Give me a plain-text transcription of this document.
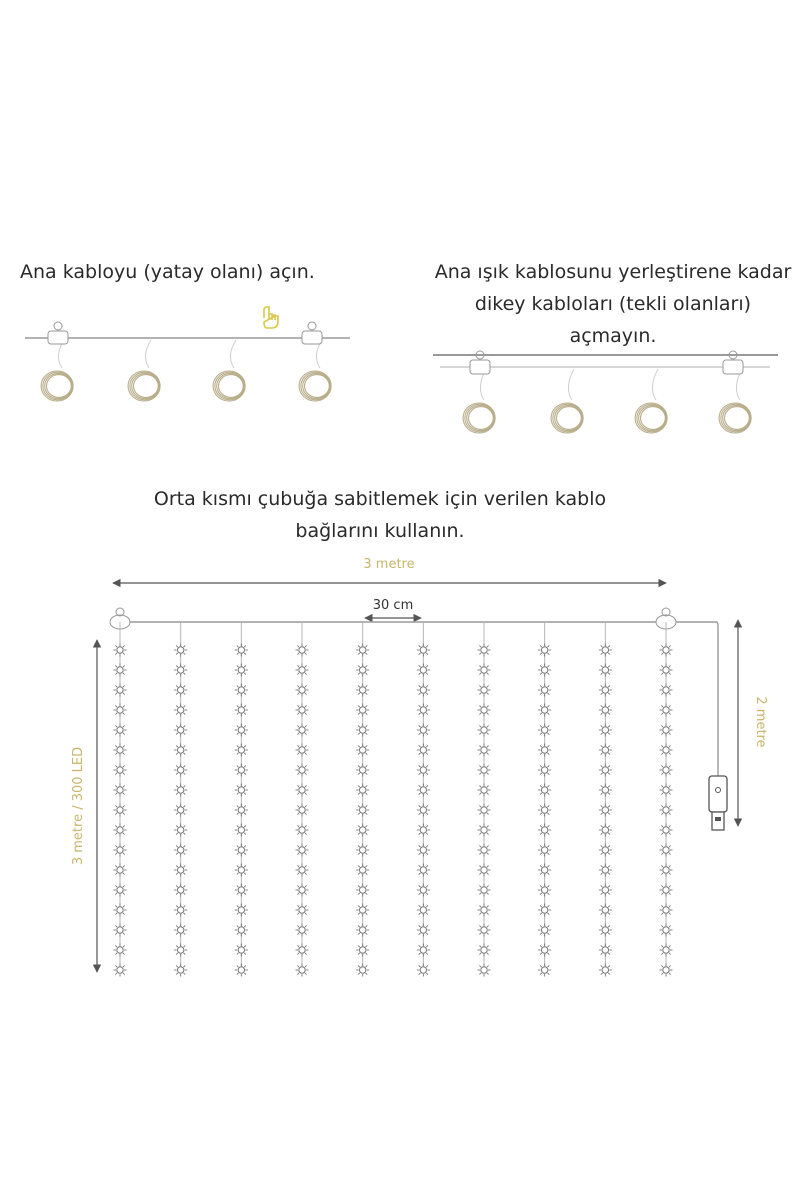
Ana kabloyu (yatay olanı) açın.	Ana ışık kablosunu yerleştirene kadar dikey kabloları (tekli olanları) açmayın.
Orta kısmı çubuğa sabitlemek için verilen kablo bağlarını kullanın.
3 metre
30 cm
3 metre / 300 LED
2 metre
